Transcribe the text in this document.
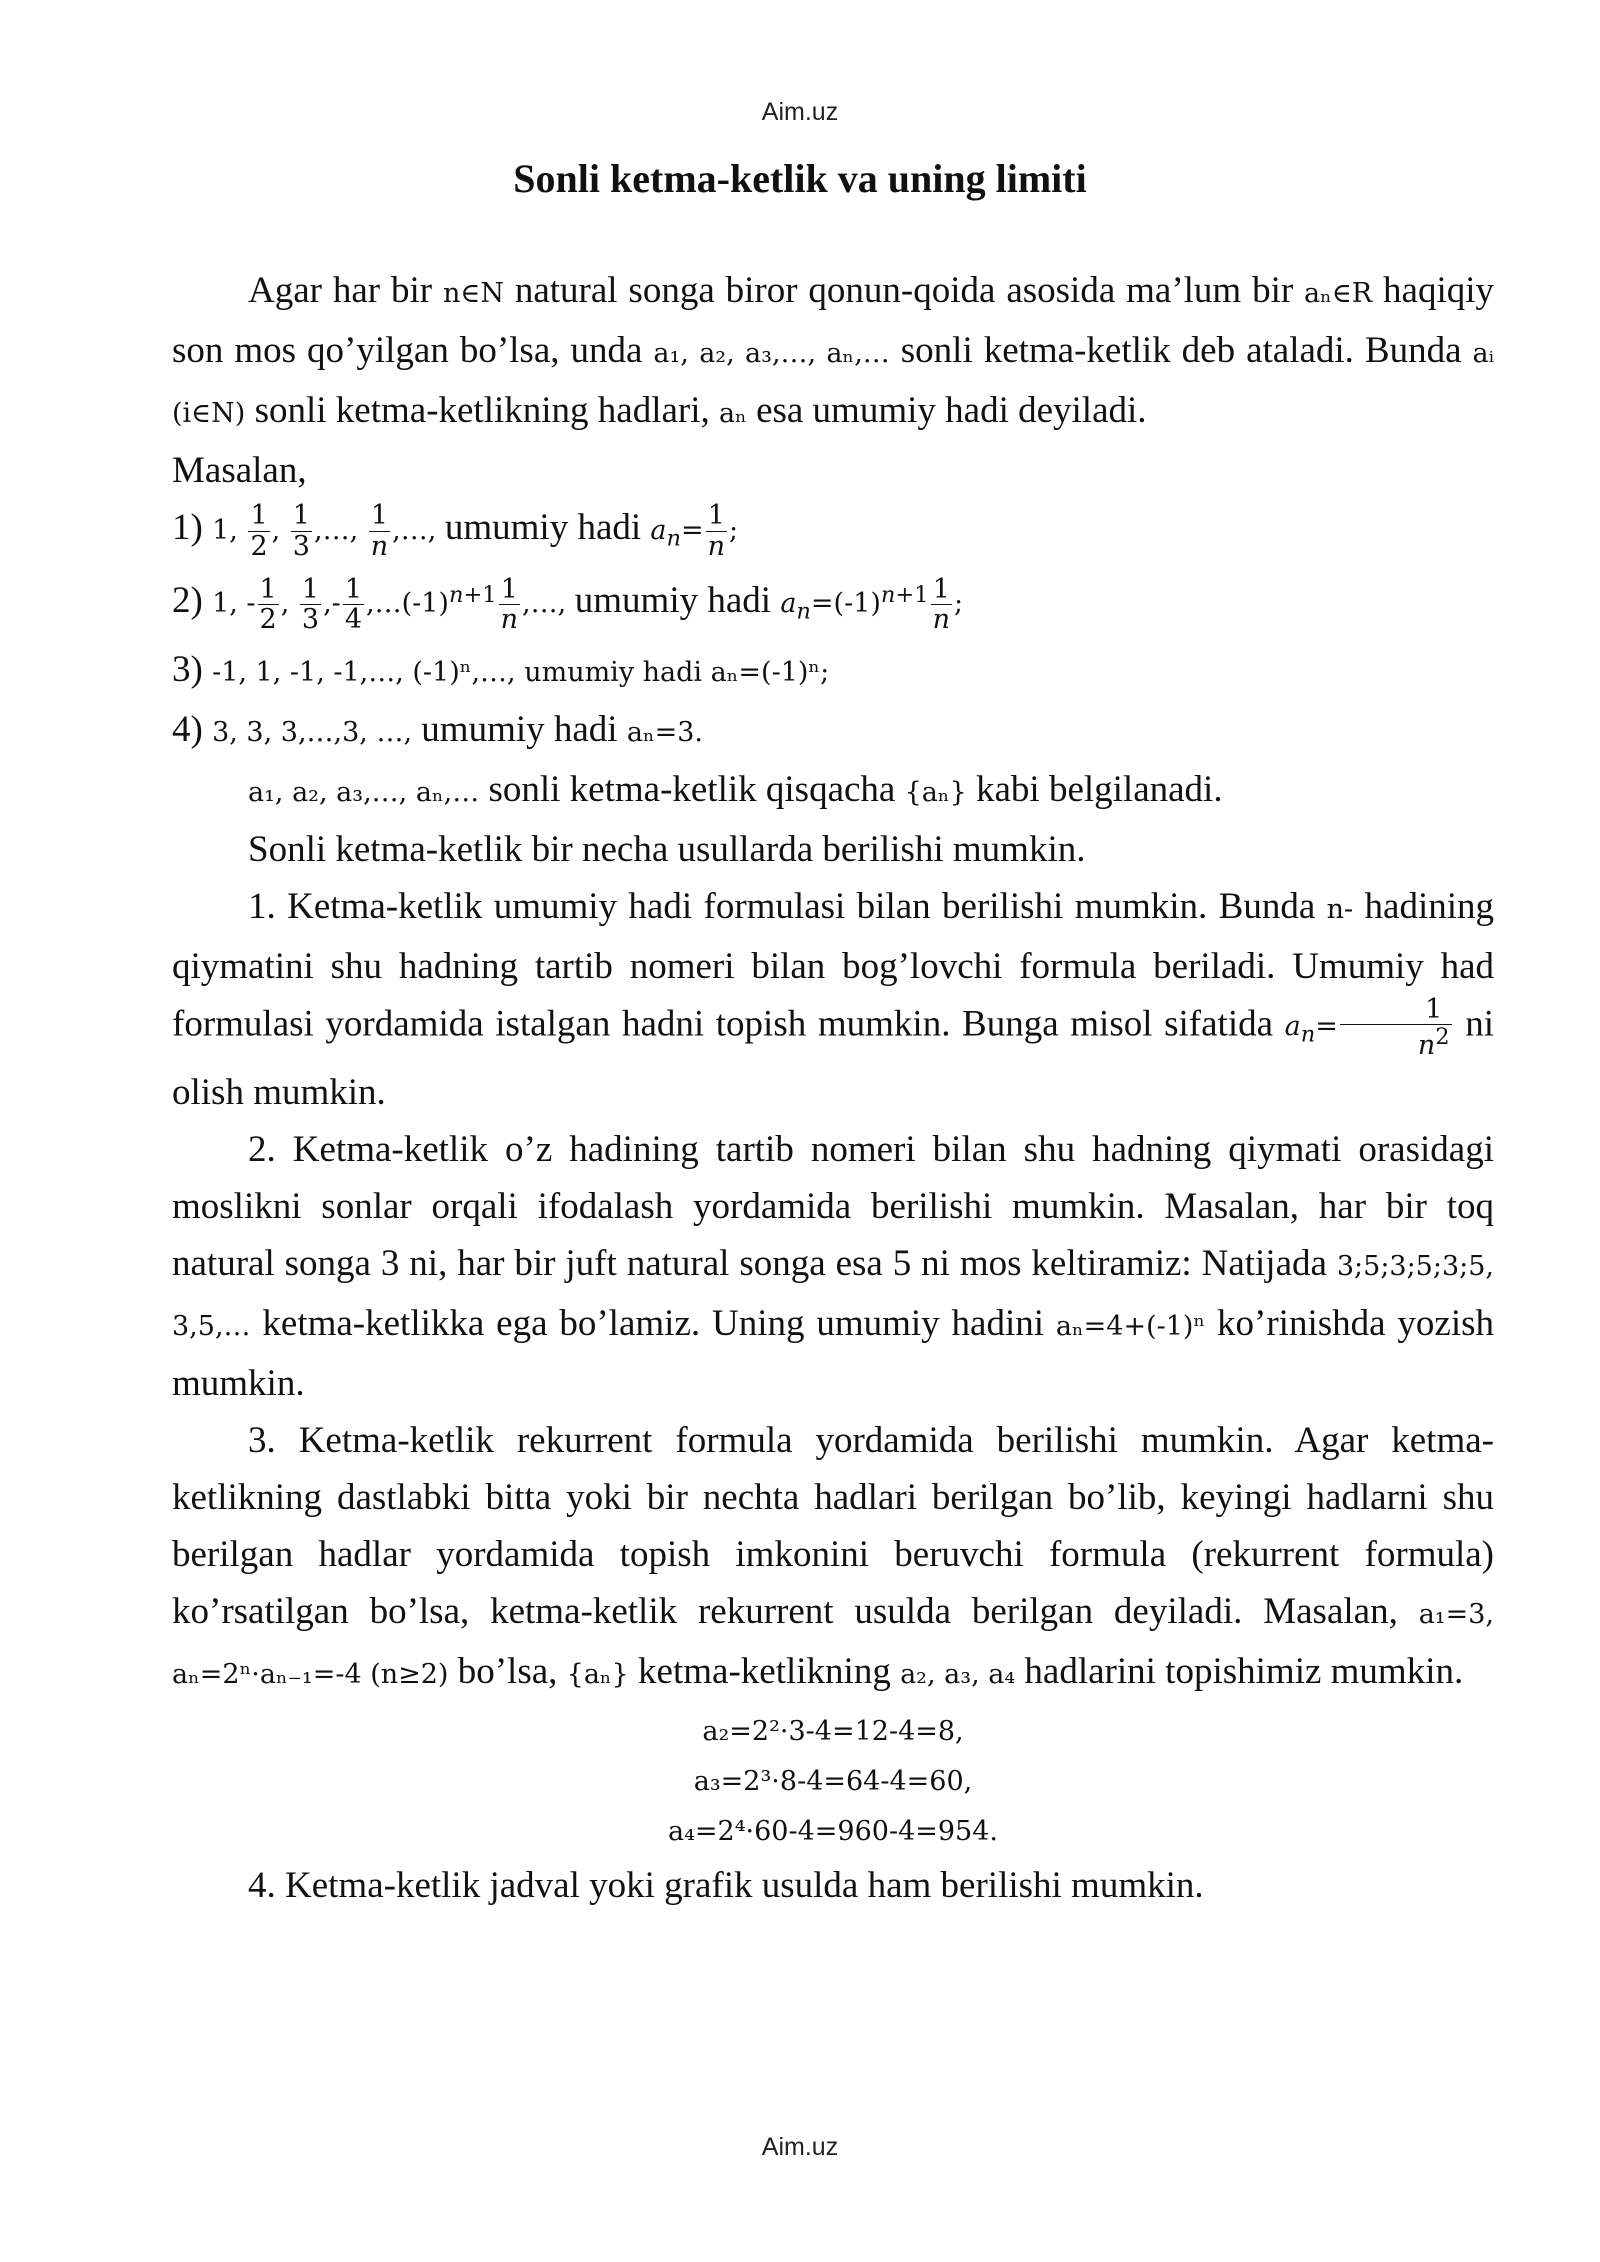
Aim.uz
Sonli ketma-ketlik va uning limiti

Agar har bir n∈N natural songa biror qonun-qoida asosida ma’lum bir aₙ∈R haqiqiy son mos qo’yilgan bo’lsa, unda a₁, a₂, a₃,…, aₙ,… sonli ketma-ketlik deb ataladi. Bunda aᵢ (i∈N) sonli ketma-ketlikning hadlari, aₙ esa umumiy hadi deyiladi.

Masalan,

1) 1, $\frac{1}{2}$ , $\frac{1}{3}$ ,…, $\frac{1}{n}$ ,…, umumiy hadi $a_n= \frac{1}{n}$ ;

2) 1, - $\frac{1}{2}$ , $\frac{1}{3}$ ,- $\frac{1}{4}$ $,\dots(-1)^{n+1} \frac{1}{n}$ ,…, umumiy hadi $a_n=(-1)^{n+1} \frac{1}{n}$ ;

3) -1, 1, -1, -1,…, (-1)ⁿ,…, umumiy hadi aₙ=(-1)ⁿ;

4) 3, 3, 3,…,3, …, umumiy hadi aₙ=3.

a₁, a₂, a₃,…, aₙ,… sonli ketma-ketlik qisqacha {aₙ} kabi belgilanadi.

Sonli ketma-ketlik bir necha usullarda berilishi mumkin.

1. Ketma-ketlik umumiy hadi formulasi bilan berilishi mumkin. Bunda n- hadining qiymatini shu hadning tartib nomeri bilan bog’lovchi formula beriladi. Umumiy had formulasi yordamida istalgan hadni topish mumkin. Bunga misol sifatida $a_n= \frac{1}{n^2}$ ni olish mumkin.

2. Ketma-ketlik o’z hadining tartib nomeri bilan shu hadning qiymati orasidagi moslikni sonlar orqali ifodalash yordamida berilishi mumkin. Masalan, har bir toq natural songa 3 ni, har bir juft natural songa esa 5 ni mos keltiramiz: Natijada 3;5;3;5;3;5, 3,5,… ketma-ketlikka ega bo’lamiz. Uning umumiy hadini aₙ=4+(-1)ⁿ ko’rinishda yozish mumkin.

3. Ketma-ketlik rekurrent formula yordamida berilishi mumkin. Agar ketma-ketlikning dastlabki bitta yoki bir nechta hadlari berilgan bo’lib, keyingi hadlarni shu berilgan hadlar yordamida topish imkonini beruvchi formula (rekurrent formula) ko’rsatilgan bo’lsa, ketma-ketlik rekurrent usulda berilgan deyiladi. Masalan, a₁=3, aₙ=2ⁿ·aₙ₋₁=-4 (n≥2) bo’lsa, {aₙ} ketma-ketlikning a₂, a₃, a₄ hadlarini topishimiz mumkin.

a₂=2²·3-4=12-4=8,

a₃=2³·8-4=64-4=60,

a₄=2⁴·60-4=960-4=954.

4. Ketma-ketlik jadval yoki grafik usulda ham berilishi mumkin.

Aim.uz
